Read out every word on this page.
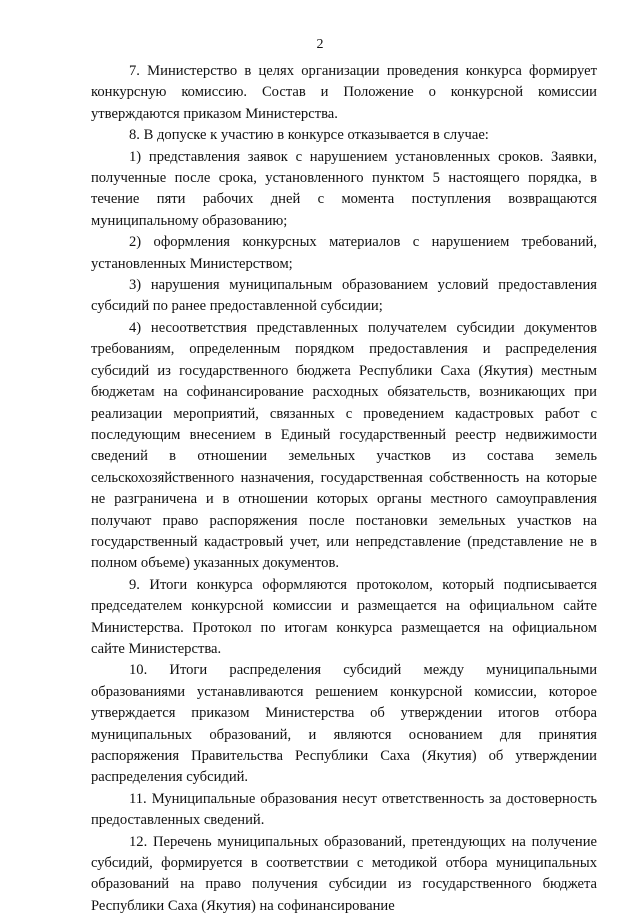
2

7. Министерство в целях организации проведения конкурса формирует конкурсную комиссию. Состав и Положение о конкурсной комиссии утверждаются приказом Министерства.

8. В допуске к участию в конкурсе отказывается в случае:

1) представления заявок с нарушением установленных сроков. Заявки, полученные после срока, установленного пунктом 5 настоящего порядка, в течение пяти рабочих дней с момента поступления возвращаются муниципальному образованию;

2) оформления конкурсных материалов с нарушением требований, установленных Министерством;

3) нарушения муниципальным образованием условий предоставления субсидий по ранее предоставленной субсидии;

4) несоответствия представленных получателем субсидии документов требованиям, определенным порядком предоставления и распределения субсидий из государственного бюджета Республики Саха (Якутия) местным бюджетам на софинансирование расходных обязательств, возникающих при реализации мероприятий, связанных с проведением кадастровых работ с последующим внесением в Единый государственный реестр недвижимости сведений в отношении земельных участков из состава земель сельскохозяйственного назначения, государственная собственность на которые не разграничена и в отношении которых органы местного самоуправления получают право распоряжения после постановки земельных участков на государственный кадастровый учет, или непредставление (представление не в полном объеме) указанных документов.

9. Итоги конкурса оформляются протоколом, который подписывается председателем конкурсной комиссии и размещается на официальном сайте Министерства. Протокол по итогам конкурса размещается на официальном сайте Министерства.

10. Итоги распределения субсидий между муниципальными образованиями устанавливаются решением конкурсной комиссии, которое утверждается приказом Министерства об утверждении итогов отбора муниципальных образований, и являются основанием для принятия распоряжения Правительства Республики Саха (Якутия) об утверждении распределения субсидий.

11. Муниципальные образования несут ответственность за достоверность предоставленных сведений.

12. Перечень муниципальных образований, претендующих на получение субсидий, формируется в соответствии с методикой отбора муниципальных образований на право получения субсидии из государственного бюджета Республики Саха (Якутия) на софинансирование
